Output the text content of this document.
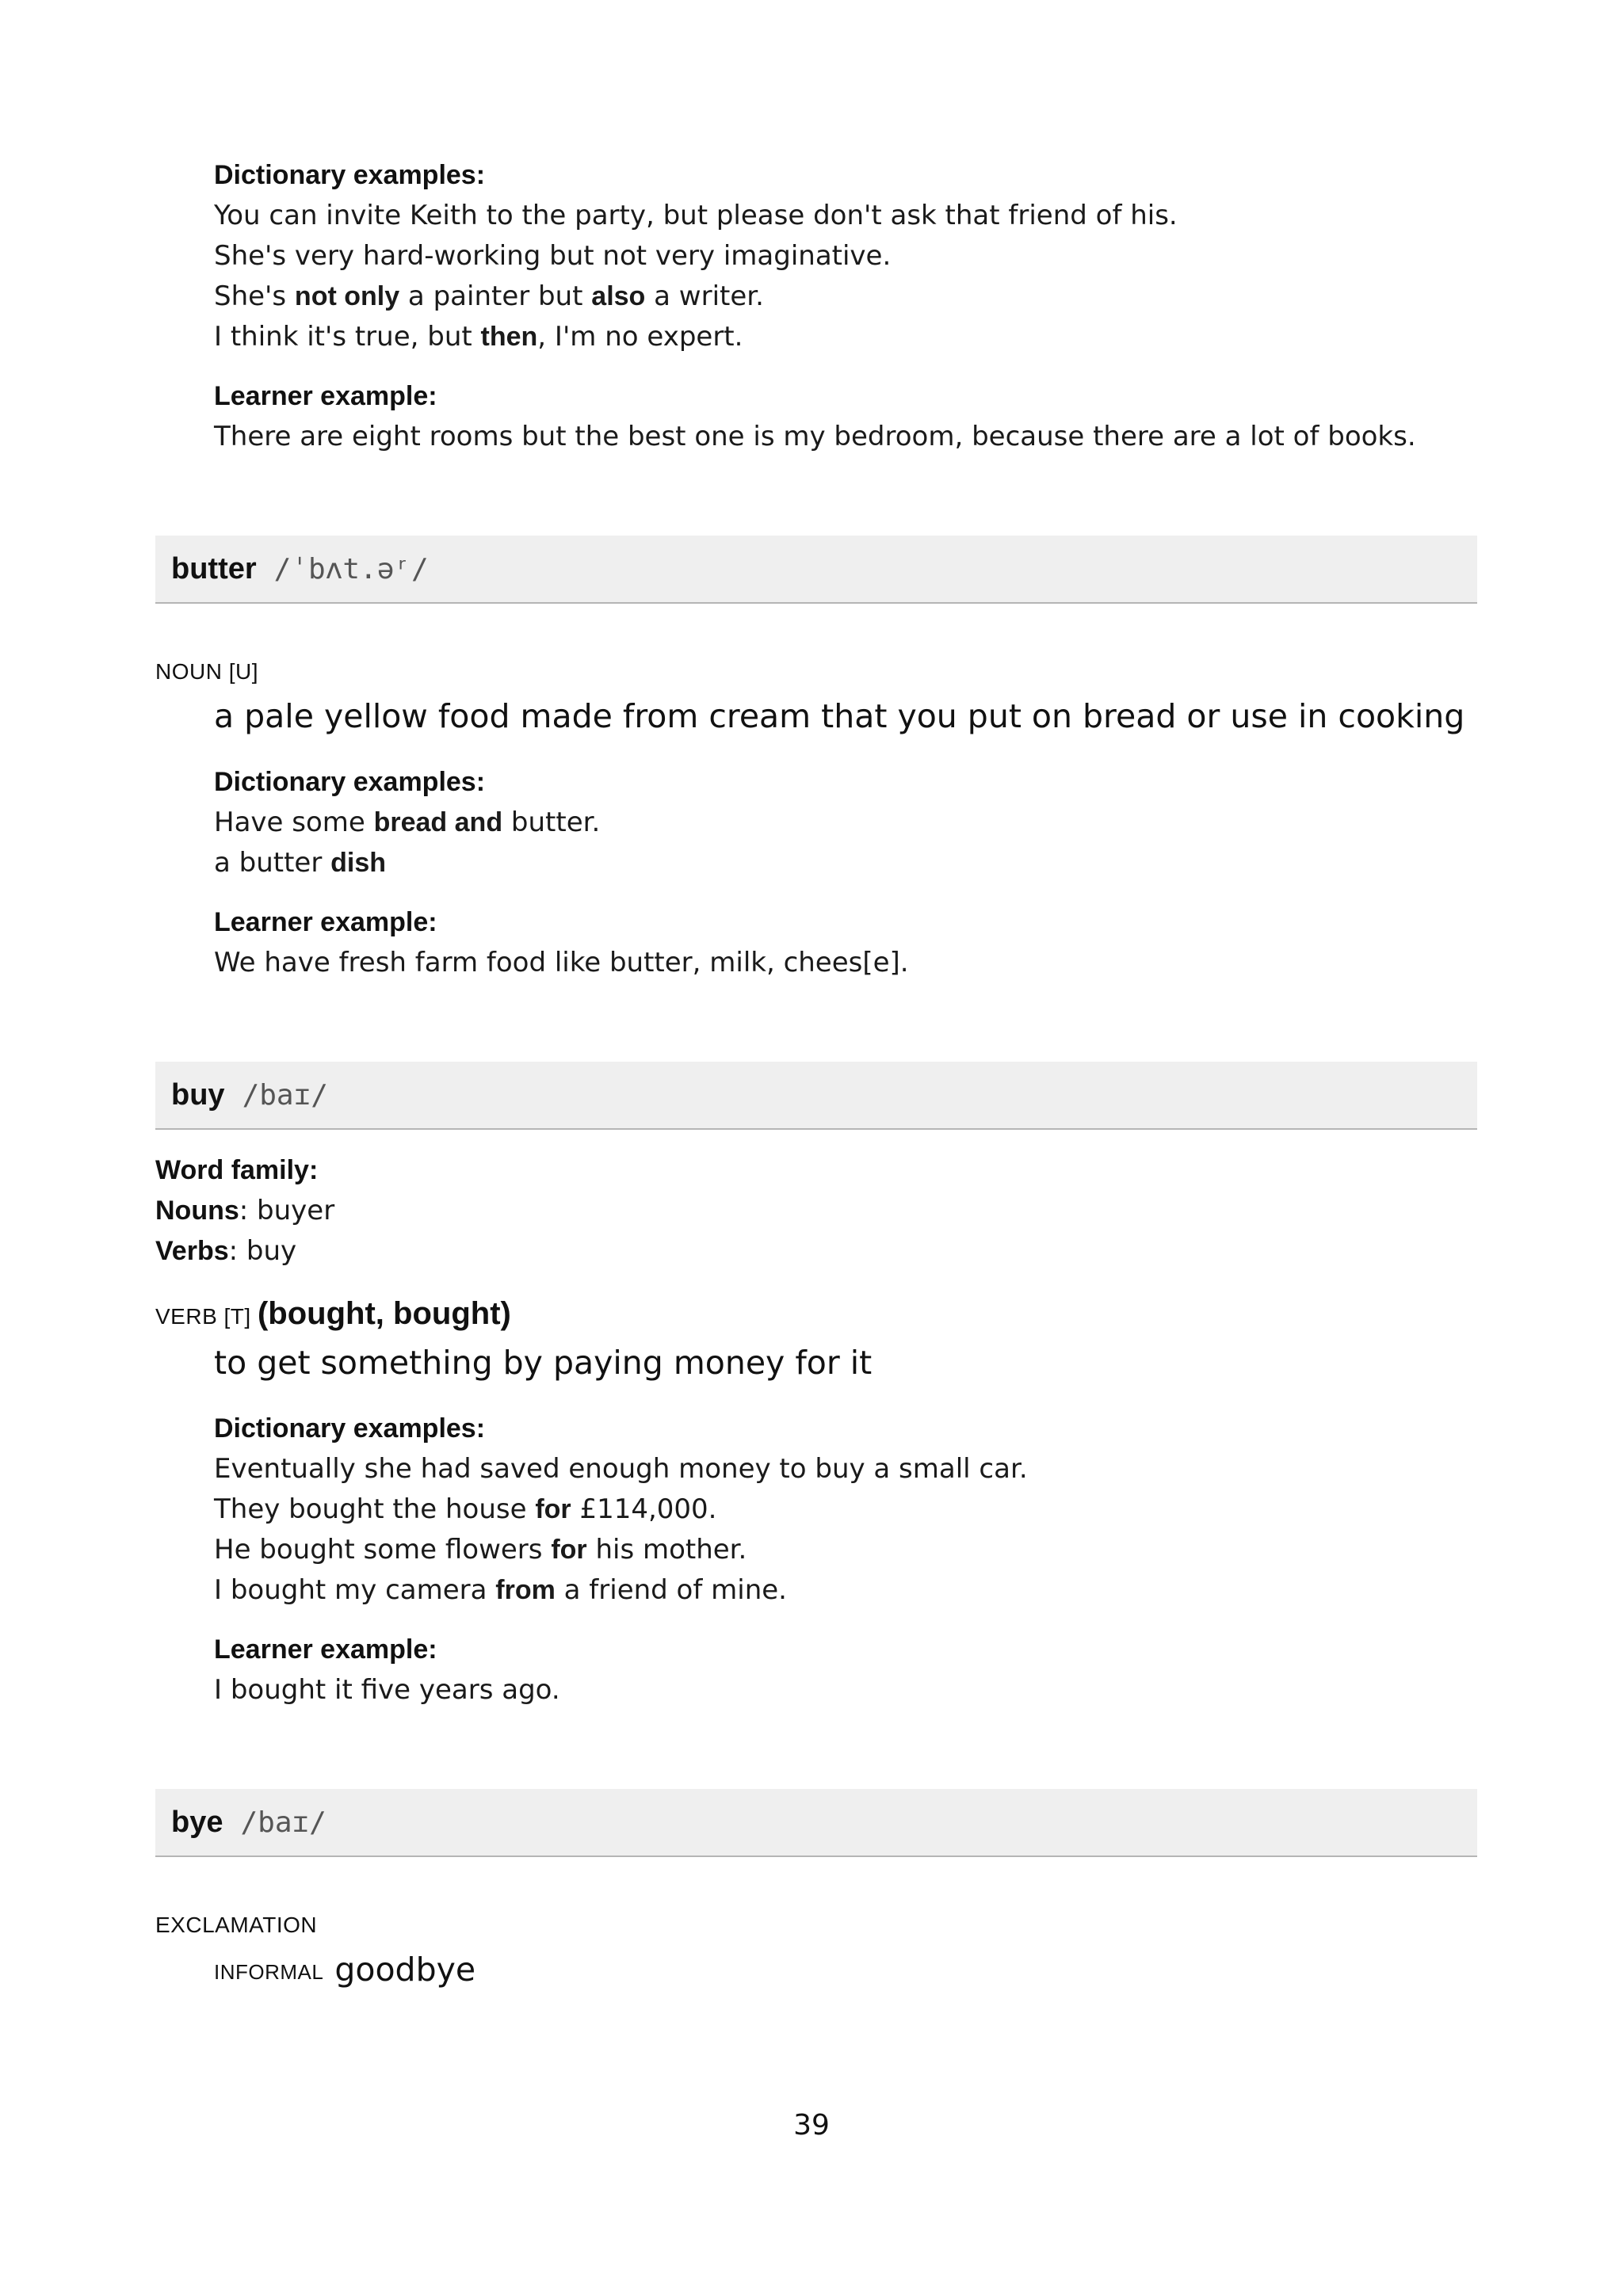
Dictionary examples:
You can invite Keith to the party, but please don't ask that friend of his.
She's very hard-working but not very imaginative.
She's not only a painter but also a writer.
I think it's true, but then, I'm no expert.
Learner example:
There are eight rooms but the best one is my bedroom, because there are a lot of books.
butter /ˈbʌt.əʳ/
NOUN [U]
a pale yellow food made from cream that you put on bread or use in cooking
Dictionary examples:
Have some bread and butter.
a butter dish
Learner example:
We have fresh farm food like butter, milk, chees[e].
buy /baɪ/
Word family:
Nouns: buyer
Verbs: buy
VERB [T] (bought, bought)
to get something by paying money for it
Dictionary examples:
Eventually she had saved enough money to buy a small car.
They bought the house for £114,000.
He bought some flowers for his mother.
I bought my camera from a friend of mine.
Learner example:
I bought it five years ago.
bye /baɪ/
EXCLAMATION
INFORMAL goodbye
39
